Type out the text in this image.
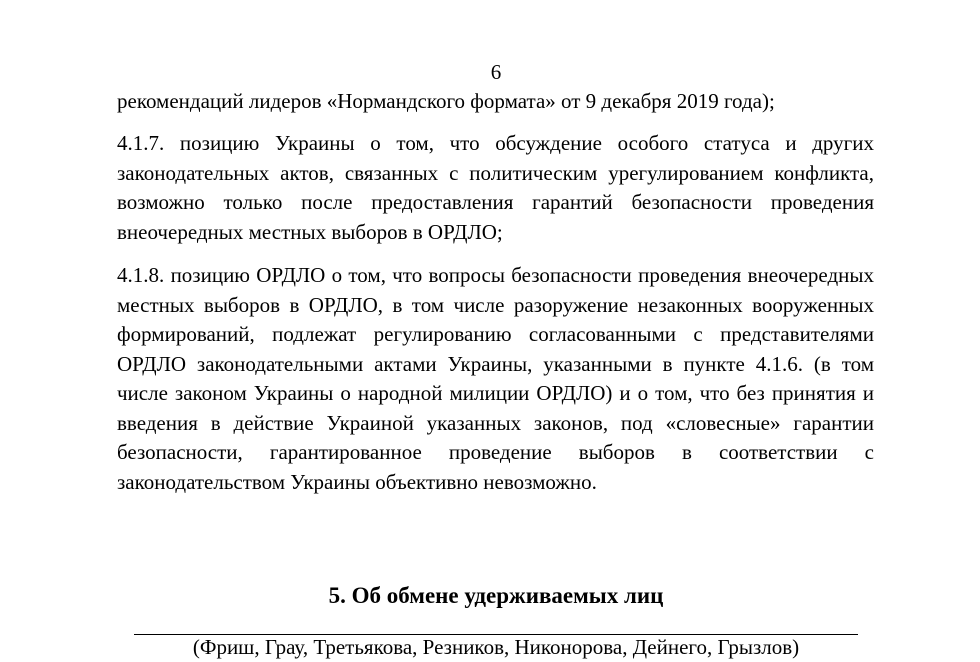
6

рекомендаций лидеров «Нормандского формата» от 9 декабря 2019 года);

4.1.7. позицию Украины о том, что обсуждение особого статуса и других законодательных актов, связанных с политическим урегулированием конфликта, возможно только после предоставления гарантий безопасности проведения внеочередных местных выборов в ОРДЛО;

4.1.8. позицию ОРДЛО о том, что вопросы безопасности проведения внеочередных местных выборов в ОРДЛО, в том числе разоружение незаконных вооруженных формирований, подлежат регулированию согласованными с представителями ОРДЛО законодательными актами Украины, указанными в пункте 4.1.6. (в том числе законом Украины о народной милиции ОРДЛО) и о том, что без принятия и введения в действие Украиной указанных законов, под «словесные» гарантии безопасности, гарантированное проведение выборов в соответствии с законодательством Украины объективно невозможно.

5. Об обмене удерживаемых лиц
(Фриш, Грау, Третьякова, Резников, Никонорова, Дейнего, Грызлов)
